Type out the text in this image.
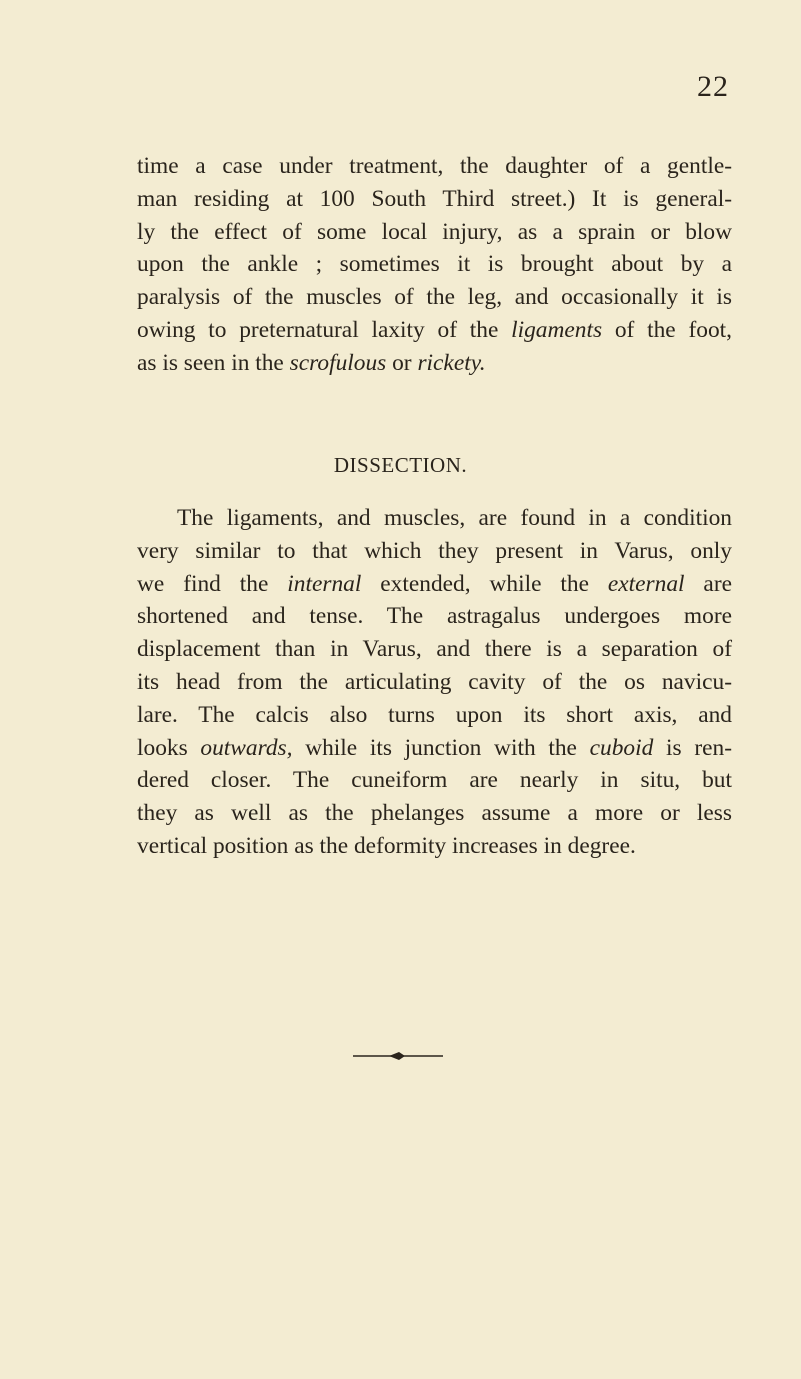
22
time a case under treatment, the daughter of a gentle-
man residing at 100 South Third street.) It is general-
ly the effect of some local injury, as a sprain or blow
upon the ankle ; sometimes it is brought about by a
paralysis of the muscles of the leg, and occasionally it is
owing to preternatural laxity of the ligaments of the foot,
as is seen in the scrofulous or rickety.
DISSECTION.
The ligaments, and muscles, are found in a condition
very similar to that which they present in Varus, only
we find the internal extended, while the external are
shortened and tense. The astragalus undergoes more
displacement than in Varus, and there is a separation of
its head from the articulating cavity of the os navicu-
lare. The calcis also turns upon its short axis, and
looks outwards, while its junction with the cuboid is ren-
dered closer. The cuneiform are nearly in situ, but
they as well as the phelanges assume a more or less
vertical position as the deformity increases in degree.
